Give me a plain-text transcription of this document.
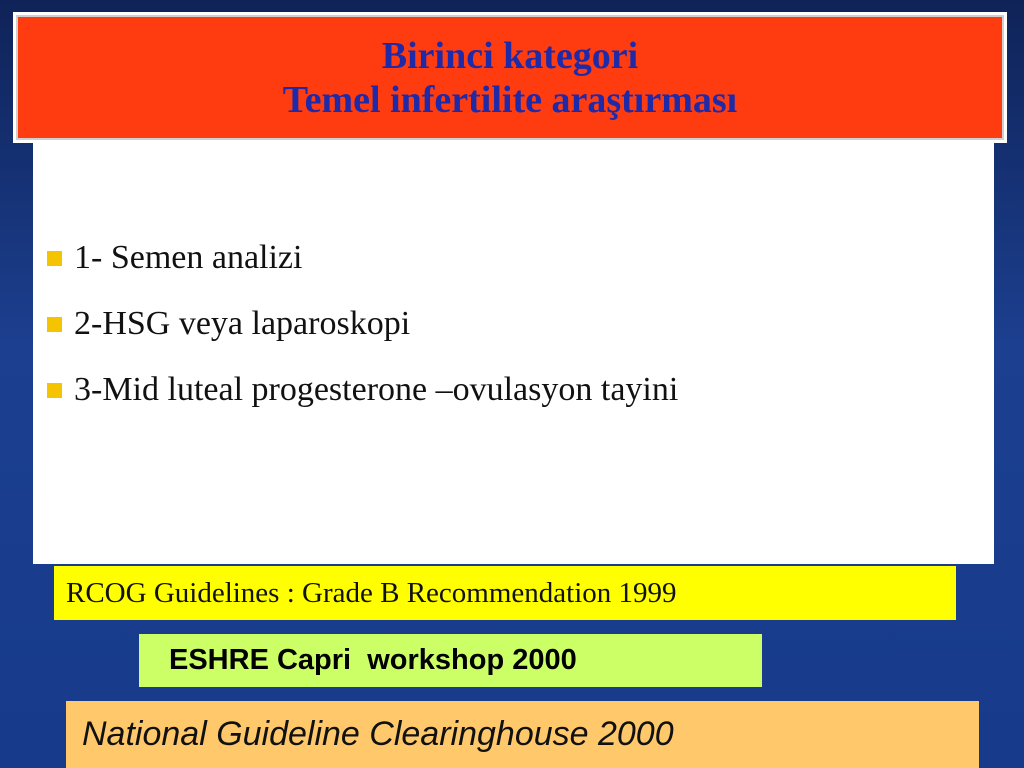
Birinci kategori
Temel infertilite araştırması
1- Semen analizi
2-HSG veya laparoskopi
3-Mid luteal progesterone –ovulasyon tayini
RCOG Guidelines : Grade B Recommendation 1999
ESHRE Capri  workshop 2000
National Guideline Clearinghouse 2000
